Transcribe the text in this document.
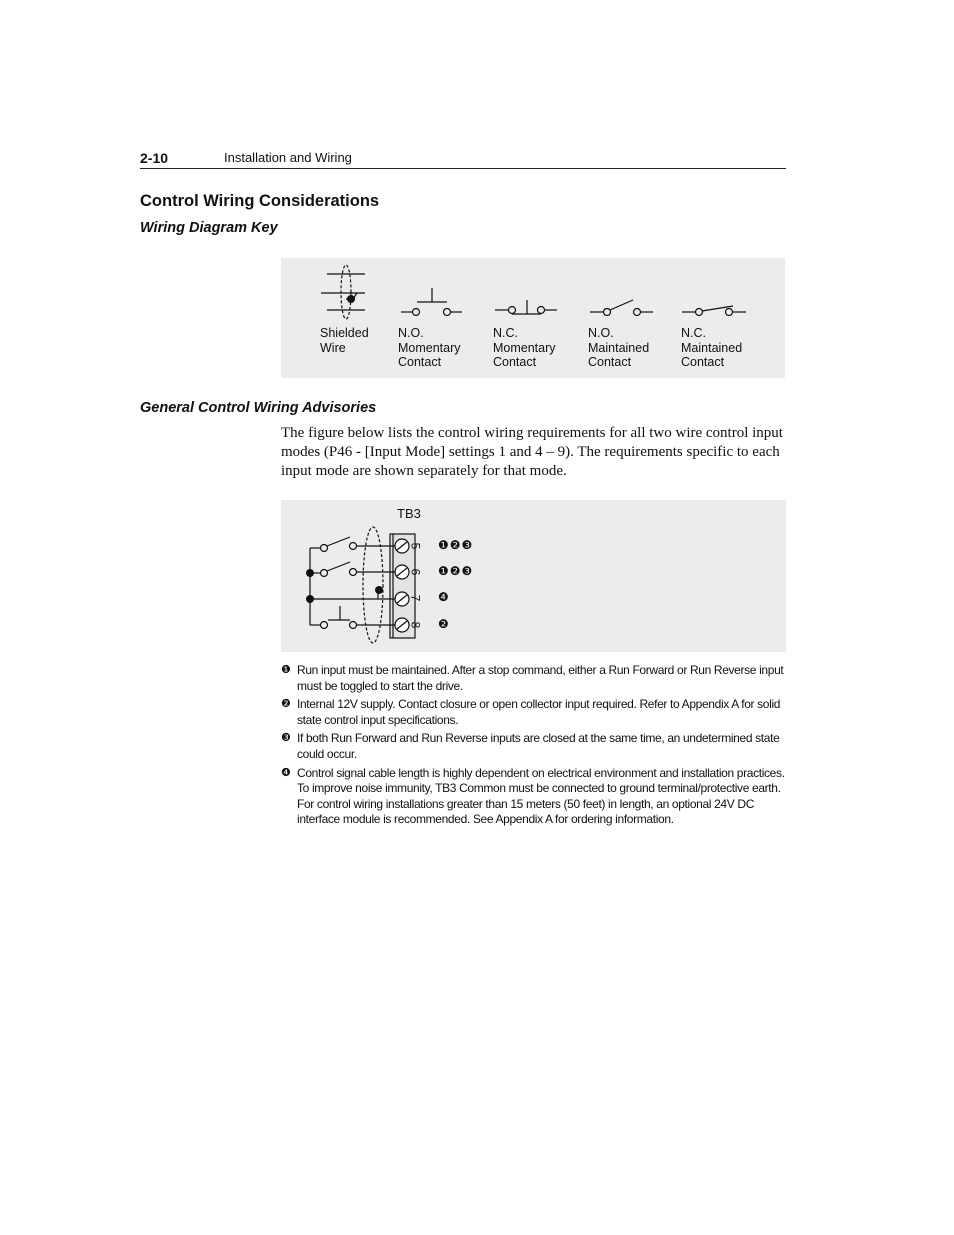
2-10	Installation and Wiring
Control Wiring Considerations
Wiring Diagram Key
Shielded
Wire
N.O.
Momentary
Contact
N.C.
Momentary
Contact
N.O.
Maintained
Contact
N.C.
Maintained
Contact
General Control Wiring Advisories

The figure below lists the control wiring requirements for all two wire control input modes (P46 - [Input Mode] settings 1 and 4 – 9). The requirements specific to each input mode are shown separately for that mode.

TB3
5
6
7
8
❶❷❸
❶❷❸
❹
❷
❶ Run input must be maintained. After a stop command, either a Run Forward or Run Reverse input must be toggled to start the drive.
❷ Internal 12V supply. Contact closure or open collector input required. Refer to Appendix A for solid state control input specifications.
❸ If both Run Forward and Run Reverse inputs are closed at the same time, an undetermined state could occur.
❹ Control signal cable length is highly dependent on electrical environment and installation practices. To improve noise immunity, TB3 Common must be connected to ground terminal/protective earth. For control wiring installations greater than 15 meters (50 feet) in length, an optional 24V DC interface module is recommended. See Appendix A for ordering information.
